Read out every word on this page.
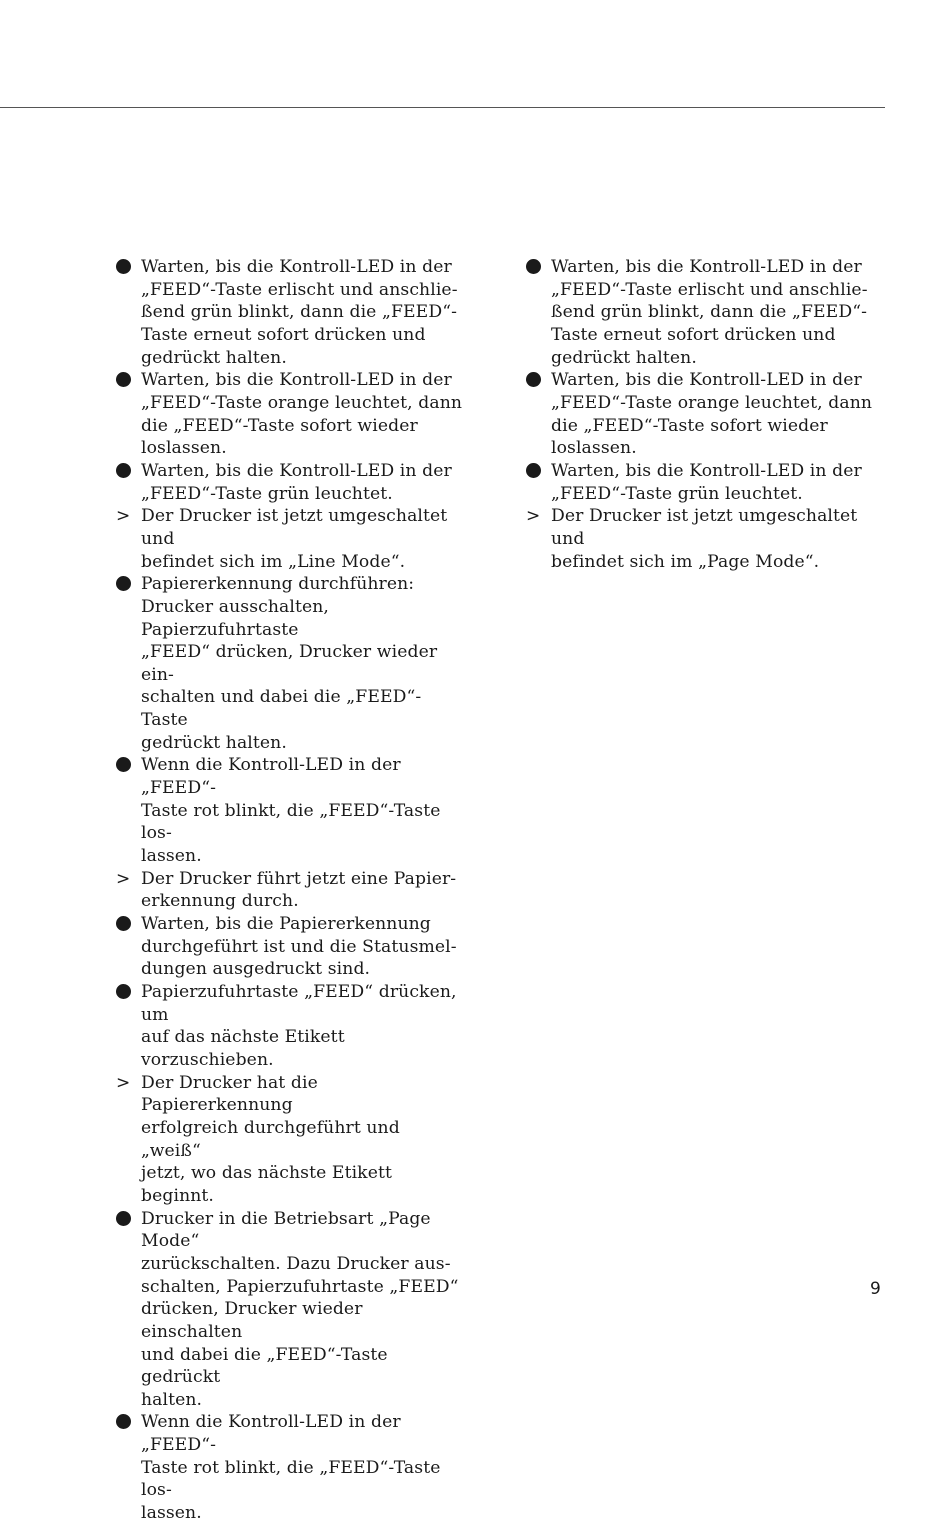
Warten, bis die Kontroll-LED in der
„FEED“-Taste erlischt und anschlie-
ßend grün blinkt, dann die „FEED“-
Taste erneut sofort drücken und
gedrückt halten.
Warten, bis die Kontroll-LED in der
„FEED“-Taste orange leuchtet, dann
die „FEED“-Taste sofort wieder
loslassen.
Warten, bis die Kontroll-LED in der
„FEED“-Taste grün leuchtet.
> Der Drucker ist jetzt umgeschaltet und
befindet sich im „Line Mode“.
Papiererkennung durchführen:
Drucker ausschalten, Papierzufuhrtaste
„FEED“ drücken, Drucker wieder ein-
schalten und dabei die „FEED“-Taste
gedrückt halten.
Wenn die Kontroll-LED in der „FEED“-
Taste rot blinkt, die „FEED“-Taste los-
lassen.
> Der Drucker führt jetzt eine Papier-
erkennung durch.
Warten, bis die Papiererkennung
durchgeführt ist und die Statusmel-
dungen ausgedruckt sind.
Papierzufuhrtaste „FEED“ drücken, um
auf das nächste Etikett vorzuschieben.
> Der Drucker hat die Papiererkennung
erfolgreich durchgeführt und „weiß“
jetzt, wo das nächste Etikett beginnt.
Drucker in die Betriebsart „Page Mode“
zurückschalten. Dazu Drucker aus-
schalten, Papierzufuhrtaste „FEED“
drücken, Drucker wieder einschalten
und dabei die „FEED“-Taste gedrückt
halten.
Wenn die Kontroll-LED in der „FEED“-
Taste rot blinkt, die „FEED“-Taste los-
lassen.
Warten, bis die Kontroll-LED in der
„FEED“-Taste erlischt und anschlie-
ßend grün blinkt, dann die „FEED“-
Taste erneut sofort drücken und
gedrückt halten.
Warten, bis die Kontroll-LED in der
„FEED“-Taste orange leuchtet, dann
die „FEED“-Taste sofort wieder
loslassen.
Warten, bis die Kontroll-LED in der
„FEED“-Taste grün leuchtet.
> Der Drucker ist jetzt umgeschaltet und
befindet sich im „Page Mode“.
9
